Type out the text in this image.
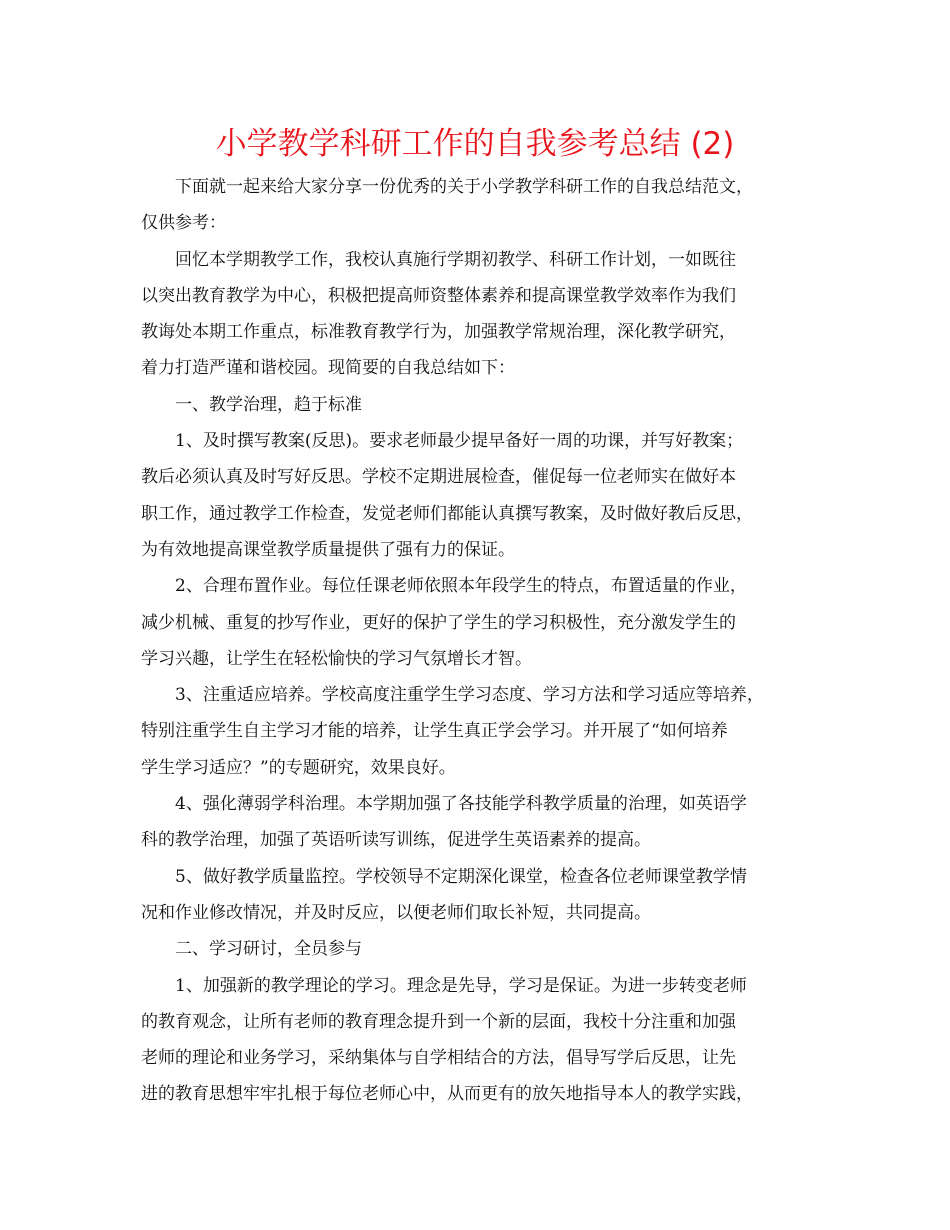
小学教学科研工作的自我参考总结 (2)
下面就一起来给大家分享一份优秀的关于小学教学科研工作的自我总结范文，
仅供参考：
回忆本学期教学工作，我校认真施行学期初教学、科研工作计划，一如既往
以突出教育教学为中心，积极把提高师资整体素养和提高课堂教学效率作为我们
教诲处本期工作重点，标准教育教学行为，加强教学常规治理，深化教学研究，
着力打造严谨和谐校园。现简要的自我总结如下：
一、教学治理，趋于标准
1、及时撰写教案(反思)。要求老师最少提早备好一周的功课，并写好教案；
教后必须认真及时写好反思。学校不定期进展检查，催促每一位老师实在做好本
职工作，通过教学工作检查，发觉老师们都能认真撰写教案，及时做好教后反思，
为有效地提高课堂教学质量提供了强有力的保证。
2、合理布置作业。每位任课老师依照本年段学生的特点，布置适量的作业，
减少机械、重复的抄写作业，更好的保护了学生的学习积极性，充分激发学生的
学习兴趣，让学生在轻松愉快的学习气氛增长才智。
3、注重适应培养。学校高度注重学生学习态度、学习方法和学习适应等培养，
特别注重学生自主学习才能的培养，让学生真正学会学习。并开展了“如何培养
学生学习适应？”的专题研究，效果良好。
4、强化薄弱学科治理。本学期加强了各技能学科教学质量的治理，如英语学
科的教学治理，加强了英语听读写训练，促进学生英语素养的提高。
5、做好教学质量监控。学校领导不定期深化课堂，检查各位老师课堂教学情
况和作业修改情况，并及时反应，以便老师们取长补短，共同提高。
二、学习研讨，全员参与
1、加强新的教学理论的学习。理念是先导，学习是保证。为进一步转变老师
的教育观念，让所有老师的教育理念提升到一个新的层面，我校十分注重和加强
老师的理论和业务学习，采纳集体与自学相结合的方法，倡导写学后反思，让先
进的教育思想牢牢扎根于每位老师心中，从而更有的放矢地指导本人的教学实践，
